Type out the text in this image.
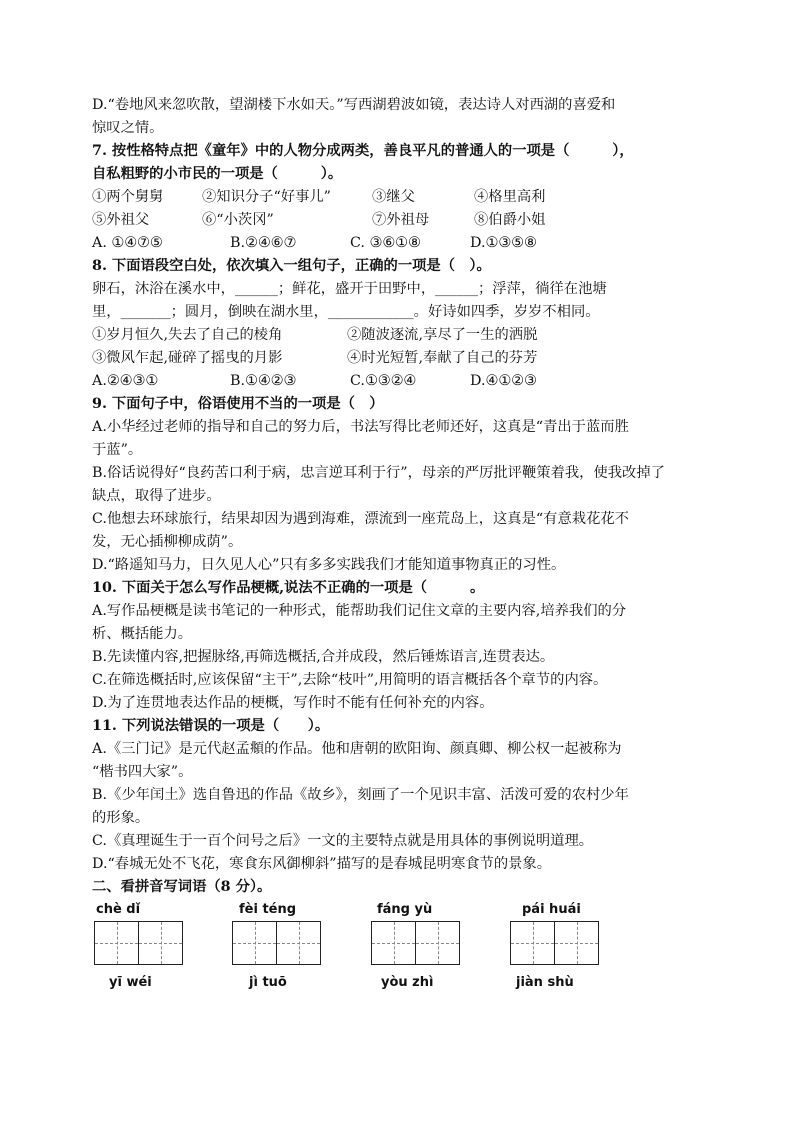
D.“卷地风来忽吹散，望湖楼下水如天。”写西湖碧波如镜，表达诗人对西湖的喜爱和
惊叹之情。
7. 按性格特点把《童年》中的人物分成两类，善良平凡的普通人的一项是（　　　），
自私粗野的小市民的一项是（　　　）。
①两个舅舅	②知识分子“好事儿”	③继父	④格里高利
⑤外祖父	⑥“小茨冈”	⑦外祖母	⑧伯爵小姐
A. ①④⑦⑤	B.②④⑥⑦	C. ③⑥①⑧	D.①③⑤⑧
8. 下面语段空白处，依次填入一组句子，正确的一项是（　）。
卵石，沐浴在溪水中，______；鲜花，盛开于田野中，______；浮萍，徜徉在池塘
里，_______；圆月，倒映在湖水里，____________。好诗如四季，岁岁不相同。
①岁月恒久,失去了自己的棱角	②随波逐流,享尽了一生的洒脱
③微风乍起,碰碎了摇曳的月影	④时光短暂,奉献了自己的芬芳
A.②④③①	B.①④②③	C.①③②④	D.④①②③
9. 下面句子中，俗语使用不当的一项是（　）
A.小华经过老师的指导和自己的努力后，书法写得比老师还好，这真是“青出于蓝而胜
于蓝”。
B.俗话说得好“良药苦口利于病，忠言逆耳利于行”，母亲的严厉批评鞭策着我，使我改掉了
缺点，取得了进步。
C.他想去环球旅行，结果却因为遇到海难，漂流到一座荒岛上，这真是“有意栽花花不
发，无心插柳柳成荫”。
D.“路遥知马力，日久见人心”只有多多实践我们才能知道事物真正的习性。
10. 下面关于怎么写作品梗概,说法不正确的一项是（　　　。
A.写作品梗概是读书笔记的一种形式，能帮助我们记住文章的主要内容,培养我们的分
析、概括能力。
B.先读懂内容,把握脉络,再筛选概括,合并成段，然后锤炼语言,连贯表达。
C.在筛选概括时,应该保留“主干”,去除“枝叶”,用简明的语言概括各个章节的内容。
D.为了连贯地表达作品的梗概，写作时不能有任何补充的内容。
11. 下列说法错误的一项是（　　）。
A.《三门记》是元代赵孟頫的作品。他和唐朝的欧阳询、颜真卿、柳公权一起被称为
“楷书四大家”。
B.《少年闰土》选自鲁迅的作品《故乡》，刻画了一个见识丰富、活泼可爱的农村少年
的形象。
C.《真理诞生于一百个问号之后》一文的主要特点就是用具体的事例说明道理。
D.“春城无处不飞花，寒食东风御柳斜”描写的是春城昆明寒食节的景象。
二、看拼音写词语（8 分）。
chè dǐ	fèi téng	fáng yù	pái huái
yī wéi	jì tuō	yòu zhì	jiàn shù
